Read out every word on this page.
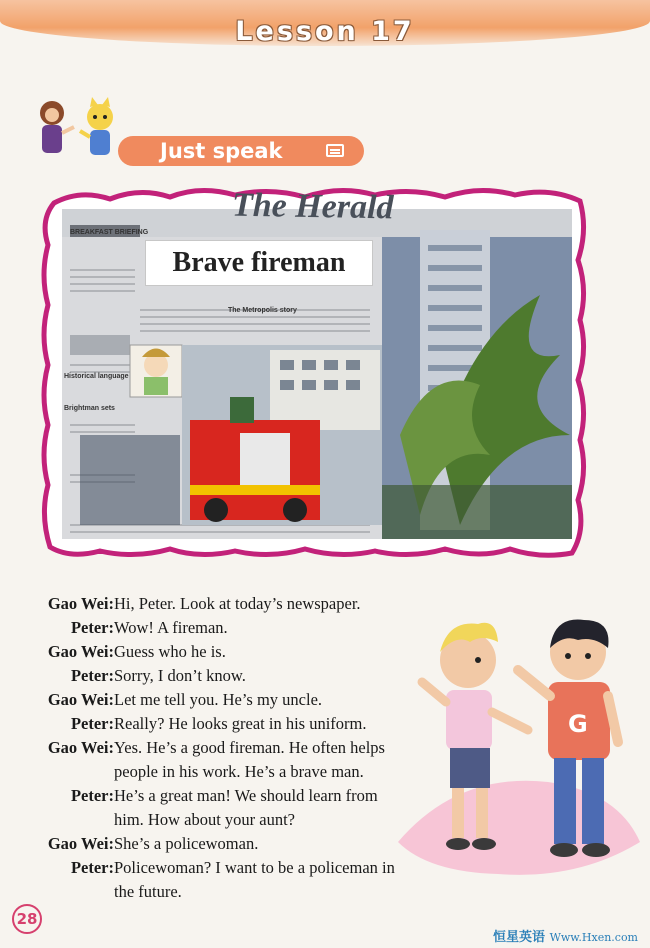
Lesson 17
Just speak
The Herald
Brave fireman
BREAKFAST BRIEFING
The Metropolis story
Historical language
Brightman sets
Gao Wei: Hi, Peter. Look at today’s newspaper.
Peter: Wow! A fireman.
Gao Wei: Guess who he is.
Peter: Sorry, I don’t know.
Gao Wei: Let me tell you. He’s my uncle.
Peter: Really? He looks great in his uniform.
Gao Wei: Yes. He’s a good fireman. He often helps
people in his work. He’s a brave man.
Peter: He’s a great man! We should learn from
him. How about your aunt?
Gao Wei: She’s a policewoman.
Peter: Policewoman? I want to be a policeman in
the future.
G
28
恒星英语 Www.Hxen.com
